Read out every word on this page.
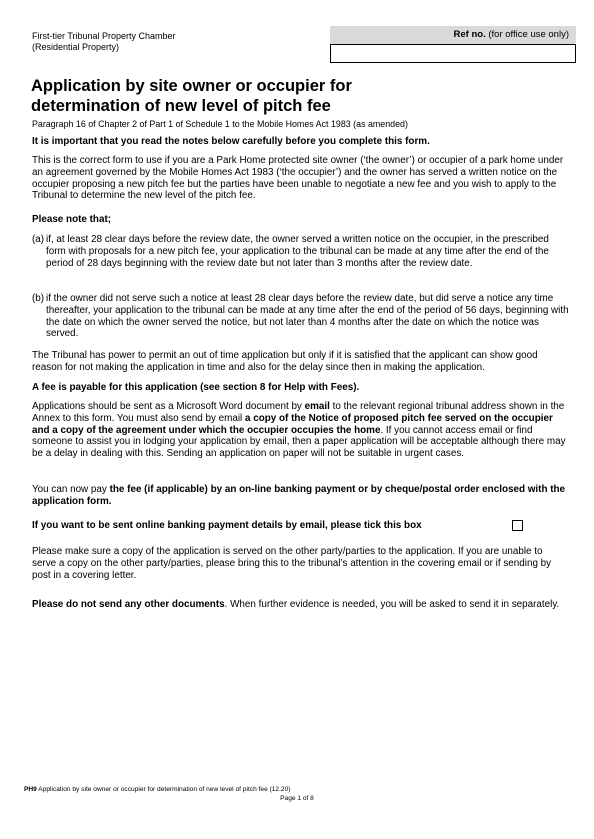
First-tier Tribunal Property Chamber
(Residential Property)
Ref no. (for office use only)
Application by site owner or occupier for
determination of new level of pitch fee
Paragraph 16 of Chapter 2 of Part 1 of Schedule 1 to the Mobile Homes Act 1983 (as amended)
It is important that you read the notes below carefully before you complete this form.
This is the correct form to use if you are a Park Home protected site owner (‘the owner’) or occupier of a park home under an agreement governed by the Mobile Homes Act 1983 (‘the occupier’) and the owner has served a written notice on the occupier proposing a new pitch fee but the parties have been unable to negotiate a new fee and you wish to apply to the Tribunal to determine the new level of the pitch fee.
Please note that;
(a) if, at least 28 clear days before the review date, the owner served a written notice on the occupier, in the prescribed form with proposals for a new pitch fee, your application to the tribunal can be made at any time after the end of the period of 28 days beginning with the review date but not later than 3 months after the review date.
(b) if the owner did not serve such a notice at least 28 clear days before the review date, but did serve a notice any time thereafter, your application to the tribunal can be made at any time after the end of the period of 56 days, beginning with the date on which the owner served the notice, but not later than 4 months after the date on which the notice was served.
The Tribunal has power to permit an out of time application but only if it is satisfied that the applicant can show good reason for not making the application in time and also for the delay since then in making the application.
A fee is payable for this application (see section 8 for Help with Fees).
Applications should be sent as a Microsoft Word document by email to the relevant regional tribunal address shown in the Annex to this form. You must also send by email a copy of the Notice of proposed pitch fee served on the occupier and a copy of the agreement under which the occupier occupies the home. If you cannot access email or find someone to assist you in lodging your application by email, then a paper application will be acceptable although there may be a delay in dealing with this. Sending an application on paper will not be suitable in urgent cases.
You can now pay the fee (if applicable) by an on-line banking payment or by cheque/postal order enclosed with the application form.
If you want to be sent online banking payment details by email, please tick this box
Please make sure a copy of the application is served on the other party/parties to the application. If you are unable to serve a copy on the other party/parties, please bring this to the tribunal’s attention in the covering email or if sending by post in a covering letter.
Please do not send any other documents. When further evidence is needed, you will be asked to send it in separately.
PH9 Application by site owner or occupier for determination of new level of pitch fee (12.20)
Page 1 of 8
